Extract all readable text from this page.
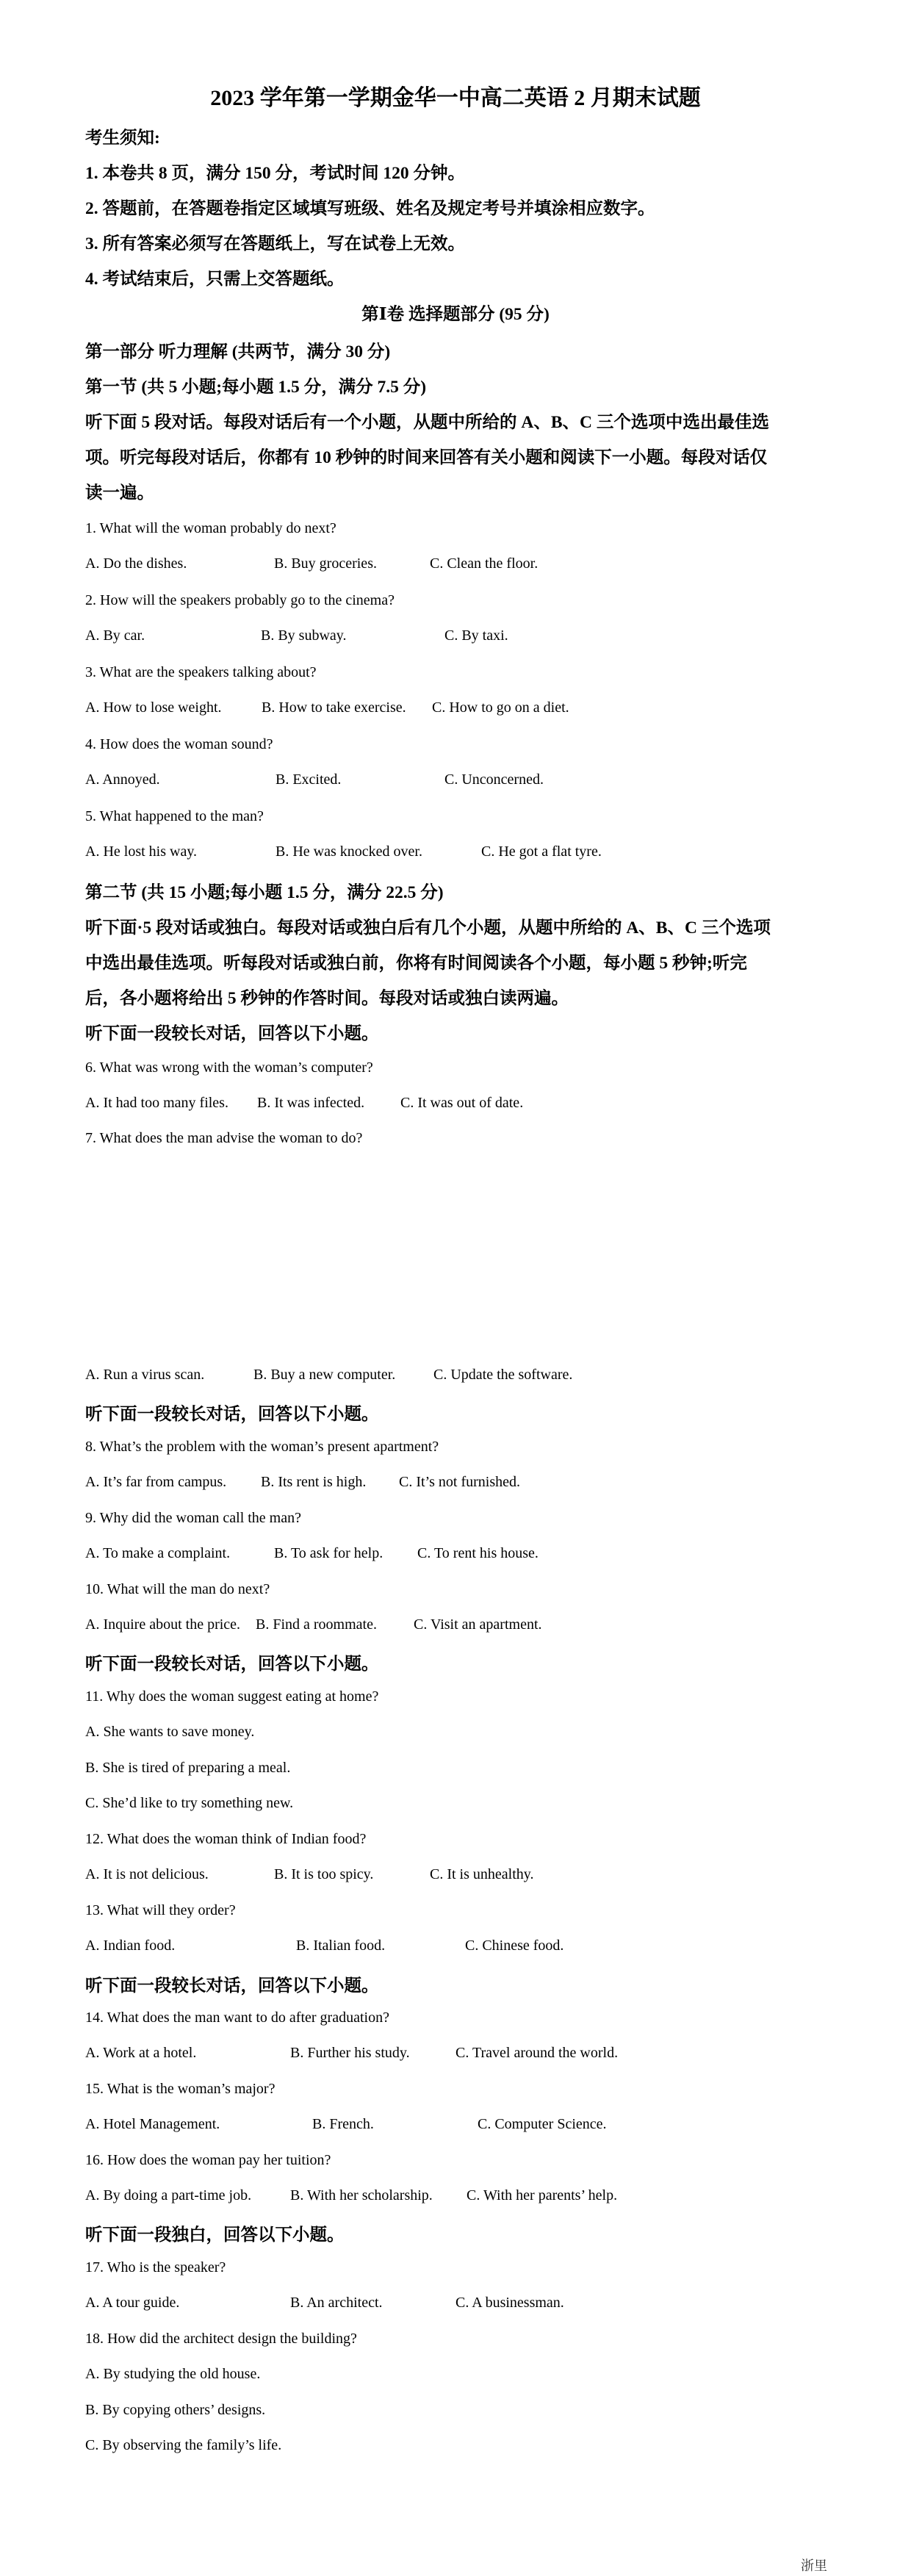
2023 学年第一学期金华一中高二英语 2 月期末试题
考生须知:
1. 本卷共 8 页，满分 150 分，考试时间 120 分钟。
2. 答题前，在答题卷指定区域填写班级、姓名及规定考号并填涂相应数字。
3. 所有答案必须写在答题纸上，写在试卷上无效。
4. 考试结束后，只需上交答题纸。
第Ⅰ卷 选择题部分 (95 分)
第一部分 听力理解 (共两节，满分 30 分)
第一节 (共 5 小题;每小题 1.5 分，满分 7.5 分)
听下面 5 段对话。每段对话后有一个小题，从题中所给的 A、B、C 三个选项中选出最佳选
项。听完每段对话后，你都有 10 秒钟的时间来回答有关小题和阅读下一小题。每段对话仅
读一遍。
1. What will the woman probably do next?
A. Do the dishes.	B. Buy groceries.	C. Clean the floor.
2. How will the speakers probably go to the cinema?
A. By car.	B. By subway.	C. By taxi.
3. What are the speakers talking about?
A. How to lose weight.	B. How to take exercise. C. How to go on a diet.
4. How does the woman sound?
A. Annoyed.	B. Excited.	C. Unconcerned.
5. What happened to the man?
A. He lost his way.	B. He was knocked over.	C. He got a flat tyre.
第二节 (共 15 小题;每小题 1.5 分，满分 22.5 分)
听下面·5 段对话或独白。每段对话或独白后有几个小题，从题中所给的 A、B、C 三个选项
中选出最佳选项。听每段对话或独白前，你将有时间阅读各个小题，每小题 5 秒钟;听完
后，各小题将给出 5 秒钟的作答时间。每段对话或独白读两遍。
听下面一段较长对话，回答以下小题。
6. What was wrong with the woman’s computer?
A. It had too many files. B. It was infected. C. It was out of date.
7. What does the man advise the woman to do?
A. Run a virus scan.	B. Buy a new computer.	C. Update the software.
听下面一段较长对话，回答以下小题。
8. What’s the problem with the woman’s present apartment?
A. It’s far from campus. B. Its rent is high. C. It’s not furnished.
9. Why did the woman call the man?
A. To make a complaint.	B. To ask for help. C. To rent his house.
10. What will the man do next?
A. Inquire about the price. B. Find a roommate.	C. Visit an apartment.
听下面一段较长对话，回答以下小题。
11. Why does the woman suggest eating at home?
A. She wants to save money.
B. She is tired of preparing a meal.
C. She’d like to try something new.
12. What does the woman think of Indian food?
A. It is not delicious.	B. It is too spicy.	C. It is unhealthy.
13. What will they order?
A. Indian food.	B. Italian food.	C. Chinese food.
听下面一段较长对话，回答以下小题。
14. What does the man want to do after graduation?
A. Work at a hotel.	B. Further his study.	C. Travel around the world.
15. What is the woman’s major?
A. Hotel Management.	B. French.	C. Computer Science.
16. How does the woman pay her tuition?
A. By doing a part-time job.	B. With her scholarship. C. With her parents’ help.
听下面一段独白，回答以下小题。
17. Who is the speaker?
A. A tour guide.	B. An architect.	C. A businessman.
18. How did the architect design the building?
A. By studying the old house.
B. By copying others’ designs.
C. By observing the family’s life.
浙里
